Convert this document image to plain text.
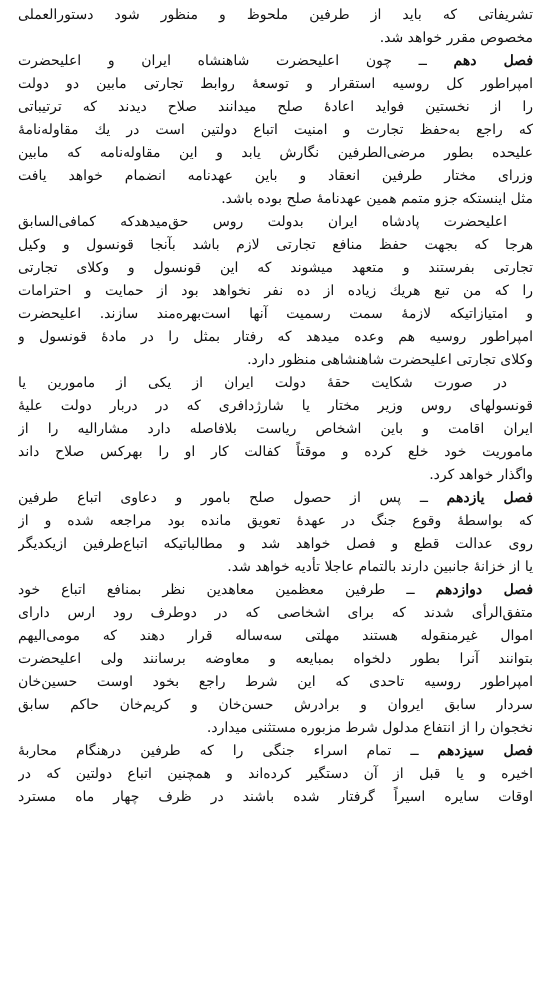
تشریفاتی که باید از طرفین ملحوظ و منظور شود دستورالعملی
مخصوص مقرر خواهد شد.
فصل دهم ــ چون اعلیحضرت شاهنشاه ایران و اعلیحضرت
امپراطور کل روسیه استقرار و توسعهٔ روابط تجارتی مابین دو دولت
را از نخستین فواید اعادهٔ صلح میدانند صلاح دیدند که ترتیباتی
که راجع به‌حفظ تجارت و امنیت اتباع دولتین است در یك مقاوله‌نامهٔ
علیحده بطور مرضی‌الطرفین نگارش یابد و این مقاوله‌نامه که مابین
وزرای مختار طرفین انعقاد و باین عهدنامه انضمام خواهد یافت
مثل اینستکه جزو متمم همین عهدنامهٔ صلح بوده باشد.
اعلیحضرت پادشاه ایران بدولت روس حق‌میدهدکه کمافی‌السابق
هرجا که بجهت حفظ منافع تجارتی لازم باشد بآنجا قونسول و وکیل
تجارتی بفرستند و متعهد میشوند که این قونسول و وکلای تجارتی
را که من تبع هریك زیاده از ده نفر نخواهد بود از حمایت و احترامات
و امتیازاتیکه لازمهٔ سمت رسمیت آنها است‌بهره‌مند سازند. اعلیحضرت
امپراطور روسیه هم وعده میدهد که رفتار بمثل را در مادهٔ قونسول و
وکلای تجارتی اعلیحضرت شاهنشاهی منظور دارد.
در صورت شکایت حقهٔ دولت ایران از یکی از مامورین یا
قونسولهای روس وزیر مختار یا شارژدافری که در دربار دولت علیهٔ
ایران اقامت و باین اشخاص ریاست بلافاصله دارد مشارالیه را از
ماموریت خود خلع کرده و موقتاً کفالت کار او را بهرکس صلاح داند
واگذار خواهد کرد.
فصل یازدهم ــ پس از حصول صلح بامور و دعاوی اتباع طرفین
که بواسطهٔ وقوع جنگ در عهدهٔ تعویق مانده بود مراجعه شده و از
روی عدالت قطع و فصل خواهد شد و مطالباتیکه اتباع‌طرفین ازیکدیگر
یا از خزانهٔ جانبین دارند بالتمام عاجلا تأدیه خواهد شد.
فصل دوازدهم ــ طرفین معظمین معاهدین نظر بمنافع اتباع خود
متفق‌الرأی شدند که برای اشخاصی که در دوطرف رود ارس دارای
اموال غیرمنقوله هستند مهلتی سه‌ساله قرار دهند که مومی‌الیهم
بتوانند آنرا بطور دلخواه بمبایعه و معاوضه برسانند ولی اعلیحضرت
امپراطور روسیه تاحدی که این شرط راجع بخود اوست حسین‌خان
سردار سابق ایروان و برادرش حسن‌خان و کریم‌خان حاکم سابق
نخجوان را از انتفاع مدلول شرط مزبوره مستثنی میدارد.
فصل سیزدهم ــ تمام اسراء جنگی را که طرفین درهنگام محاربهٔ
اخیره و یا قبل از آن دستگیر کرده‌اند و همچنین اتباع دولتین که در
اوقات سایره اسیراً گرفتار شده باشند در ظرف چهار ماه مسترد
